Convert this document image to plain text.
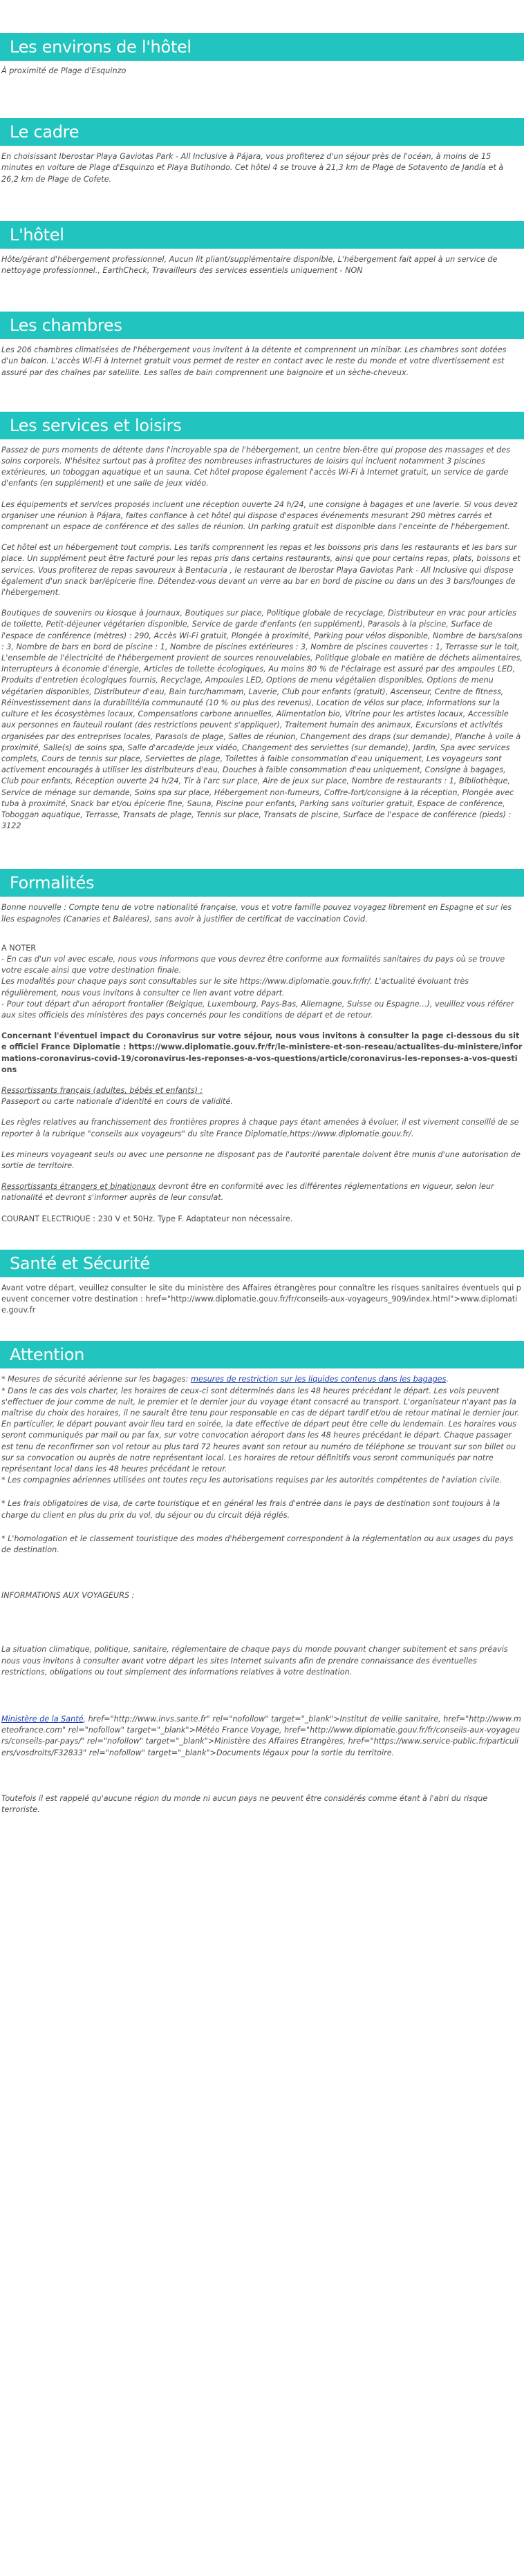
Les environs de l'hôtel

À proximité de Plage d'Esquinzo

Le cadre

En choisissant Iberostar Playa Gaviotas Park - All Inclusive à Pájara, vous profiterez d'un séjour près de l'océan, à moins de 15 minutes en voiture de Plage d'Esquinzo et Playa Butihondo. Cet hôtel 4 se trouve à 21,3 km de Plage de Sotavento de Jandía et à 26,2 km de Plage de Cofete.

L'hôtel

Hôte/gérant d'hébergement professionnel, Aucun lit pliant/supplémentaire disponible, L'hébergement fait appel à un service de nettoyage professionnel., EarthCheck, Travailleurs des services essentiels uniquement - NON

Les chambres

Les 206 chambres climatisées de l'hébergement vous invitent à la détente et comprennent un minibar. Les chambres sont dotées d'un balcon. L'accès Wi-Fi à Internet gratuit vous permet de rester en contact avec le reste du monde et votre divertissement est assuré par des chaînes par satellite. Les salles de bain comprennent une baignoire et un sèche-cheveux.

Les services et loisirs

Passez de purs moments de détente dans l'incroyable spa de l'hébergement, un centre bien-être qui propose des massages et des soins corporels. N'hésitez surtout pas à profitez des nombreuses infrastructures de loisirs qui incluent notamment 3 piscines extérieures, un toboggan aquatique et un sauna. Cet hôtel propose également l'accès Wi-Fi à Internet gratuit, un service de garde d'enfants (en supplément) et une salle de jeux vidéo.

Les équipements et services proposés incluent une réception ouverte 24 h/24, une consigne à bagages et une laverie. Si vous devez organiser une réunion à Pájara, faites confiance à cet hôtel qui dispose d'espaces événements mesurant 290 mètres carrés et comprenant un espace de conférence et des salles de réunion. Un parking gratuit est disponible dans l'enceinte de l'hébergement.

Cet hôtel est un hébergement tout compris. Les tarifs comprennent les repas et les boissons pris dans les restaurants et les bars sur place. Un supplément peut être facturé pour les repas pris dans certains restaurants, ainsi que pour certains repas, plats, boissons et services. Vous profiterez de repas savoureux à Bentacuria , le restaurant de Iberostar Playa Gaviotas Park - All Inclusive qui dispose également d'un snack bar/épicerie fine. Détendez-vous devant un verre au bar en bord de piscine ou dans un des 3 bars/lounges de l'hébergement.

Boutiques de souvenirs ou kiosque à journaux, Boutiques sur place, Politique globale de recyclage, Distributeur en vrac pour articles de toilette, Petit-déjeuner végétarien disponible, Service de garde d'enfants (en supplément), Parasols à la piscine, Surface de l'espace de conférence (mètres) : 290, Accès Wi-Fi gratuit, Plongée à proximité, Parking pour vélos disponible, Nombre de bars/salons : 3, Nombre de bars en bord de piscine : 1, Nombre de piscines extérieures : 3, Nombre de piscines couvertes : 1, Terrasse sur le toit, L'ensemble de l'électricité de l'hébergement provient de sources renouvelables, Politique globale en matière de déchets alimentaires, Interrupteurs à économie d'énergie, Articles de toilette écologiques, Au moins 80 % de l'éclairage est assuré par des ampoules LED, Produits d'entretien écologiques fournis, Recyclage, Ampoules LED, Options de menu végétalien disponibles, Options de menu végétarien disponibles, Distributeur d'eau, Bain turc/hammam, Laverie, Club pour enfants (gratuit), Ascenseur, Centre de fitness, Réinvestissement dans la durabilité/la communauté (10 % ou plus des revenus), Location de vélos sur place, Informations sur la culture et les écosystèmes locaux, Compensations carbone annuelles, Alimentation bio, Vitrine pour les artistes locaux, Accessible aux personnes en fauteuil roulant (des restrictions peuvent s'appliquer), Traitement humain des animaux, Excursions et activités organisées par des entreprises locales, Parasols de plage, Salles de réunion, Changement des draps (sur demande), Planche à voile à proximité, Salle(s) de soins spa, Salle d'arcade/de jeux vidéo, Changement des serviettes (sur demande), Jardin, Spa avec services complets, Cours de tennis sur place, Serviettes de plage, Toilettes à faible consommation d'eau uniquement, Les voyageurs sont activement encouragés à utiliser les distributeurs d'eau, Douches à faible consommation d'eau uniquement, Consigne à bagages, Club pour enfants, Réception ouverte 24 h/24, Tir à l'arc sur place, Aire de jeux sur place, Nombre de restaurants : 1, Bibliothèque, Service de ménage sur demande, Soins spa sur place, Hébergement non-fumeurs, Coffre-fort/consigne à la réception, Plongée avec tuba à proximité, Snack bar et/ou épicerie fine, Sauna, Piscine pour enfants, Parking sans voiturier gratuit, Espace de conférence, Toboggan aquatique, Terrasse, Transats de plage, Tennis sur place, Transats de piscine, Surface de l'espace de conférence (pieds) : 3122

Formalités

Bonne nouvelle : Compte tenu de votre nationalité française, vous et votre famille pouvez voyagez librement en Espagne et sur les îles espagnoles (Canaries et Baléares), sans avoir à justifier de certificat de vaccination Covid.

A NOTER
- En cas d'un vol avec escale, nous vous informons que vous devrez être conforme aux formalités sanitaires du pays où se trouve votre escale ainsi que votre destination finale.
Les modalités pour chaque pays sont consultables sur le site https://www.diplomatie.gouv.fr/fr/. L'actualité évoluant très régulièrement, nous vous invitons à consulter ce lien avant votre départ.

- Pour tout départ d'un aéroport frontalier (Belgique, Luxembourg, Pays-Bas, Allemagne, Suisse ou Espagne...), veuillez vous référer aux sites officiels des ministères des pays concernés pour les conditions de départ et de retour.

Concernant l'éventuel impact du Coronavirus sur votre séjour, nous vous invitons à consulter la page ci-dessous du site officiel France Diplomatie : https://www.diplomatie.gouv.fr/fr/le-ministere-et-son-reseau/actualites-du-ministere/informations-coronavirus-covid-19/coronavirus-les-reponses-a-vos-questions/article/coronavirus-les-reponses-a-vos-questions

Ressortissants français (adultes, bébés et enfants) :

Passeport ou carte nationale d'identité en cours de validité.

Les règles relatives au franchissement des frontières propres à chaque pays étant amenées à évoluer, il est vivement conseillé de se reporter à la rubrique "conseils aux voyageurs" du site France Diplomatie,https://www.diplomatie.gouv.fr/.

Les mineurs voyageant seuls ou avec une personne ne disposant pas de l'autorité parentale doivent être munis d'une autorisation de sortie de territoire.

Ressortissants étrangers et binationaux devront être en conformité avec les différentes réglementations en vigueur, selon leur nationalité et devront s'informer auprès de leur consulat.

COURANT ELECTRIQUE : 230 V et 50Hz. Type F. Adaptateur non nécessaire.

Santé et Sécurité

Avant votre départ, veuillez consulter le site du ministère des Affaires étrangères pour connaître les risques sanitaires éventuels qui peuvent concerner votre destination : href="http://www.diplomatie.gouv.fr/fr/conseils-aux-voyageurs_909/index.html">www.diplomatie.gouv.fr

Attention
* Mesures de sécurité aérienne sur les bagages: mesures de restriction sur les liquides contenus dans les bagages.
* Dans le cas des vols charter, les horaires de ceux-ci sont déterminés dans les 48 heures précédant le départ. Les vols peuvent s'effectuer de jour comme de nuit, le premier et le dernier jour du voyage étant consacré au transport. L'organisateur n'ayant pas la maîtrise du choix des horaires, il ne saurait être tenu pour responsable en cas de départ tardif et/ou de retour matinal le dernier jour. En particulier, le départ pouvant avoir lieu tard en soirée, la date effective de départ peut être celle du lendemain. Les horaires vous seront communiqués par mail ou par fax, sur votre convocation aéroport dans les 48 heures précédant le départ. Chaque passager est tenu de reconfirmer son vol retour au plus tard 72 heures avant son retour au numéro de téléphone se trouvant sur son billet ou sur sa convocation ou auprès de notre représentant local. Les horaires de retour définitifs vous seront communiqués par notre représentant local dans les 48 heures précédant le retour.
* Les compagnies aériennes utilisées ont toutes reçu les autorisations requises par les autorités compétentes de l'aviation civile.
* Les frais obligatoires de visa, de carte touristique et en général les frais d'entrée dans le pays de destination sont toujours à la charge du client en plus du prix du vol, du séjour ou du circuit déjà réglés.
* L'homologation et le classement touristique des modes d'hébergement correspondent à la réglementation ou aux usages du pays de destination.
INFORMATIONS AUX VOYAGEURS :
La situation climatique, politique, sanitaire, réglementaire de chaque pays du monde pouvant changer subitement et sans préavis nous vous invitons à consulter avant votre départ les sites Internet suivants afin de prendre connaissance des éventuelles restrictions, obligations ou tout simplement des informations relatives à votre destination.
Ministère de la Santé, href="http://www.invs.sante.fr" rel="nofollow" target="_blank">Institut de veille sanitaire, href="http://www.meteofrance.com" rel="nofollow" target="_blank">Météo France Voyage, href="http://www.diplomatie.gouv.fr/fr/conseils-aux-voyageurs/conseils-par-pays/" rel="nofollow" target="_blank">Ministère des Affaires Etrangères, href="https://www.service-public.fr/particuliers/vosdroits/F32833" rel="nofollow" target="_blank">Documents légaux pour la sortie du territoire.
Toutefois il est rappelé qu'aucune région du monde ni aucun pays ne peuvent être considérés comme étant à l'abri du risque terroriste.
